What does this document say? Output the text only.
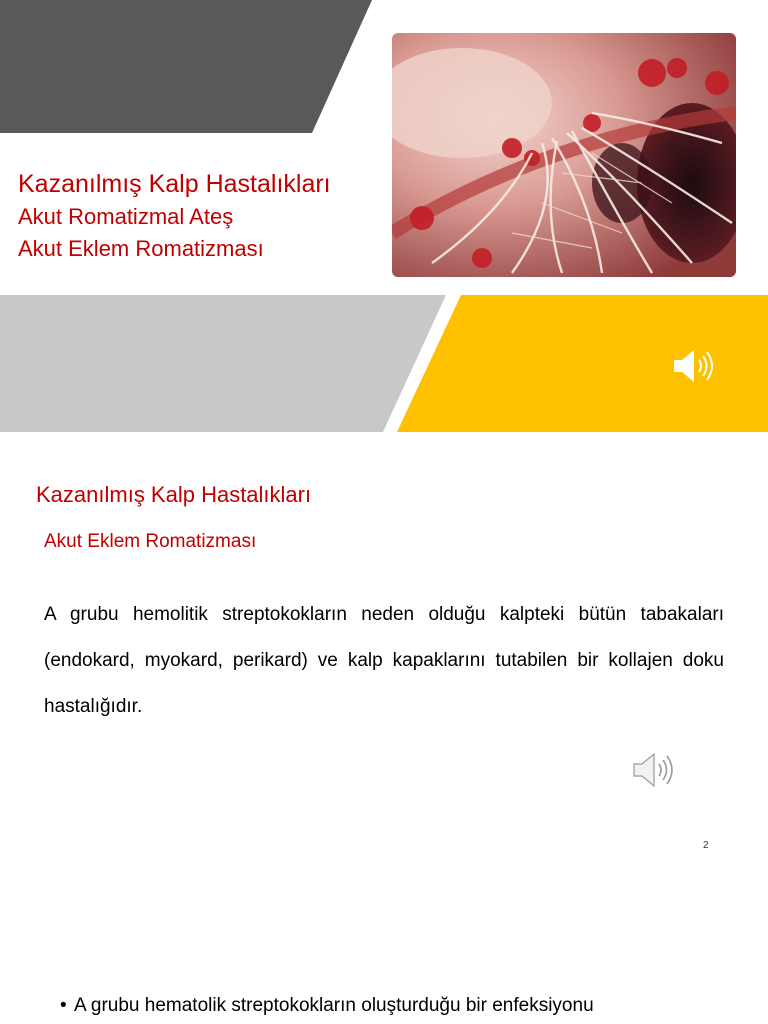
Kazanılmış Kalp Hastalıkları

Akut Romatizmal Ateş

Akut Eklem Romatizması

Kazanılmış Kalp Hastalıkları

Akut Eklem Romatizması

A grubu hemolitik streptokokların neden olduğu kalpteki bütün tabakaları (endokard, myokard, perikard) ve kalp kapaklarını tutabilen bir kollajen doku hastalığıdır.

2

• A grubu hematolik streptokokların oluşturduğu bir enfeksiyonu
